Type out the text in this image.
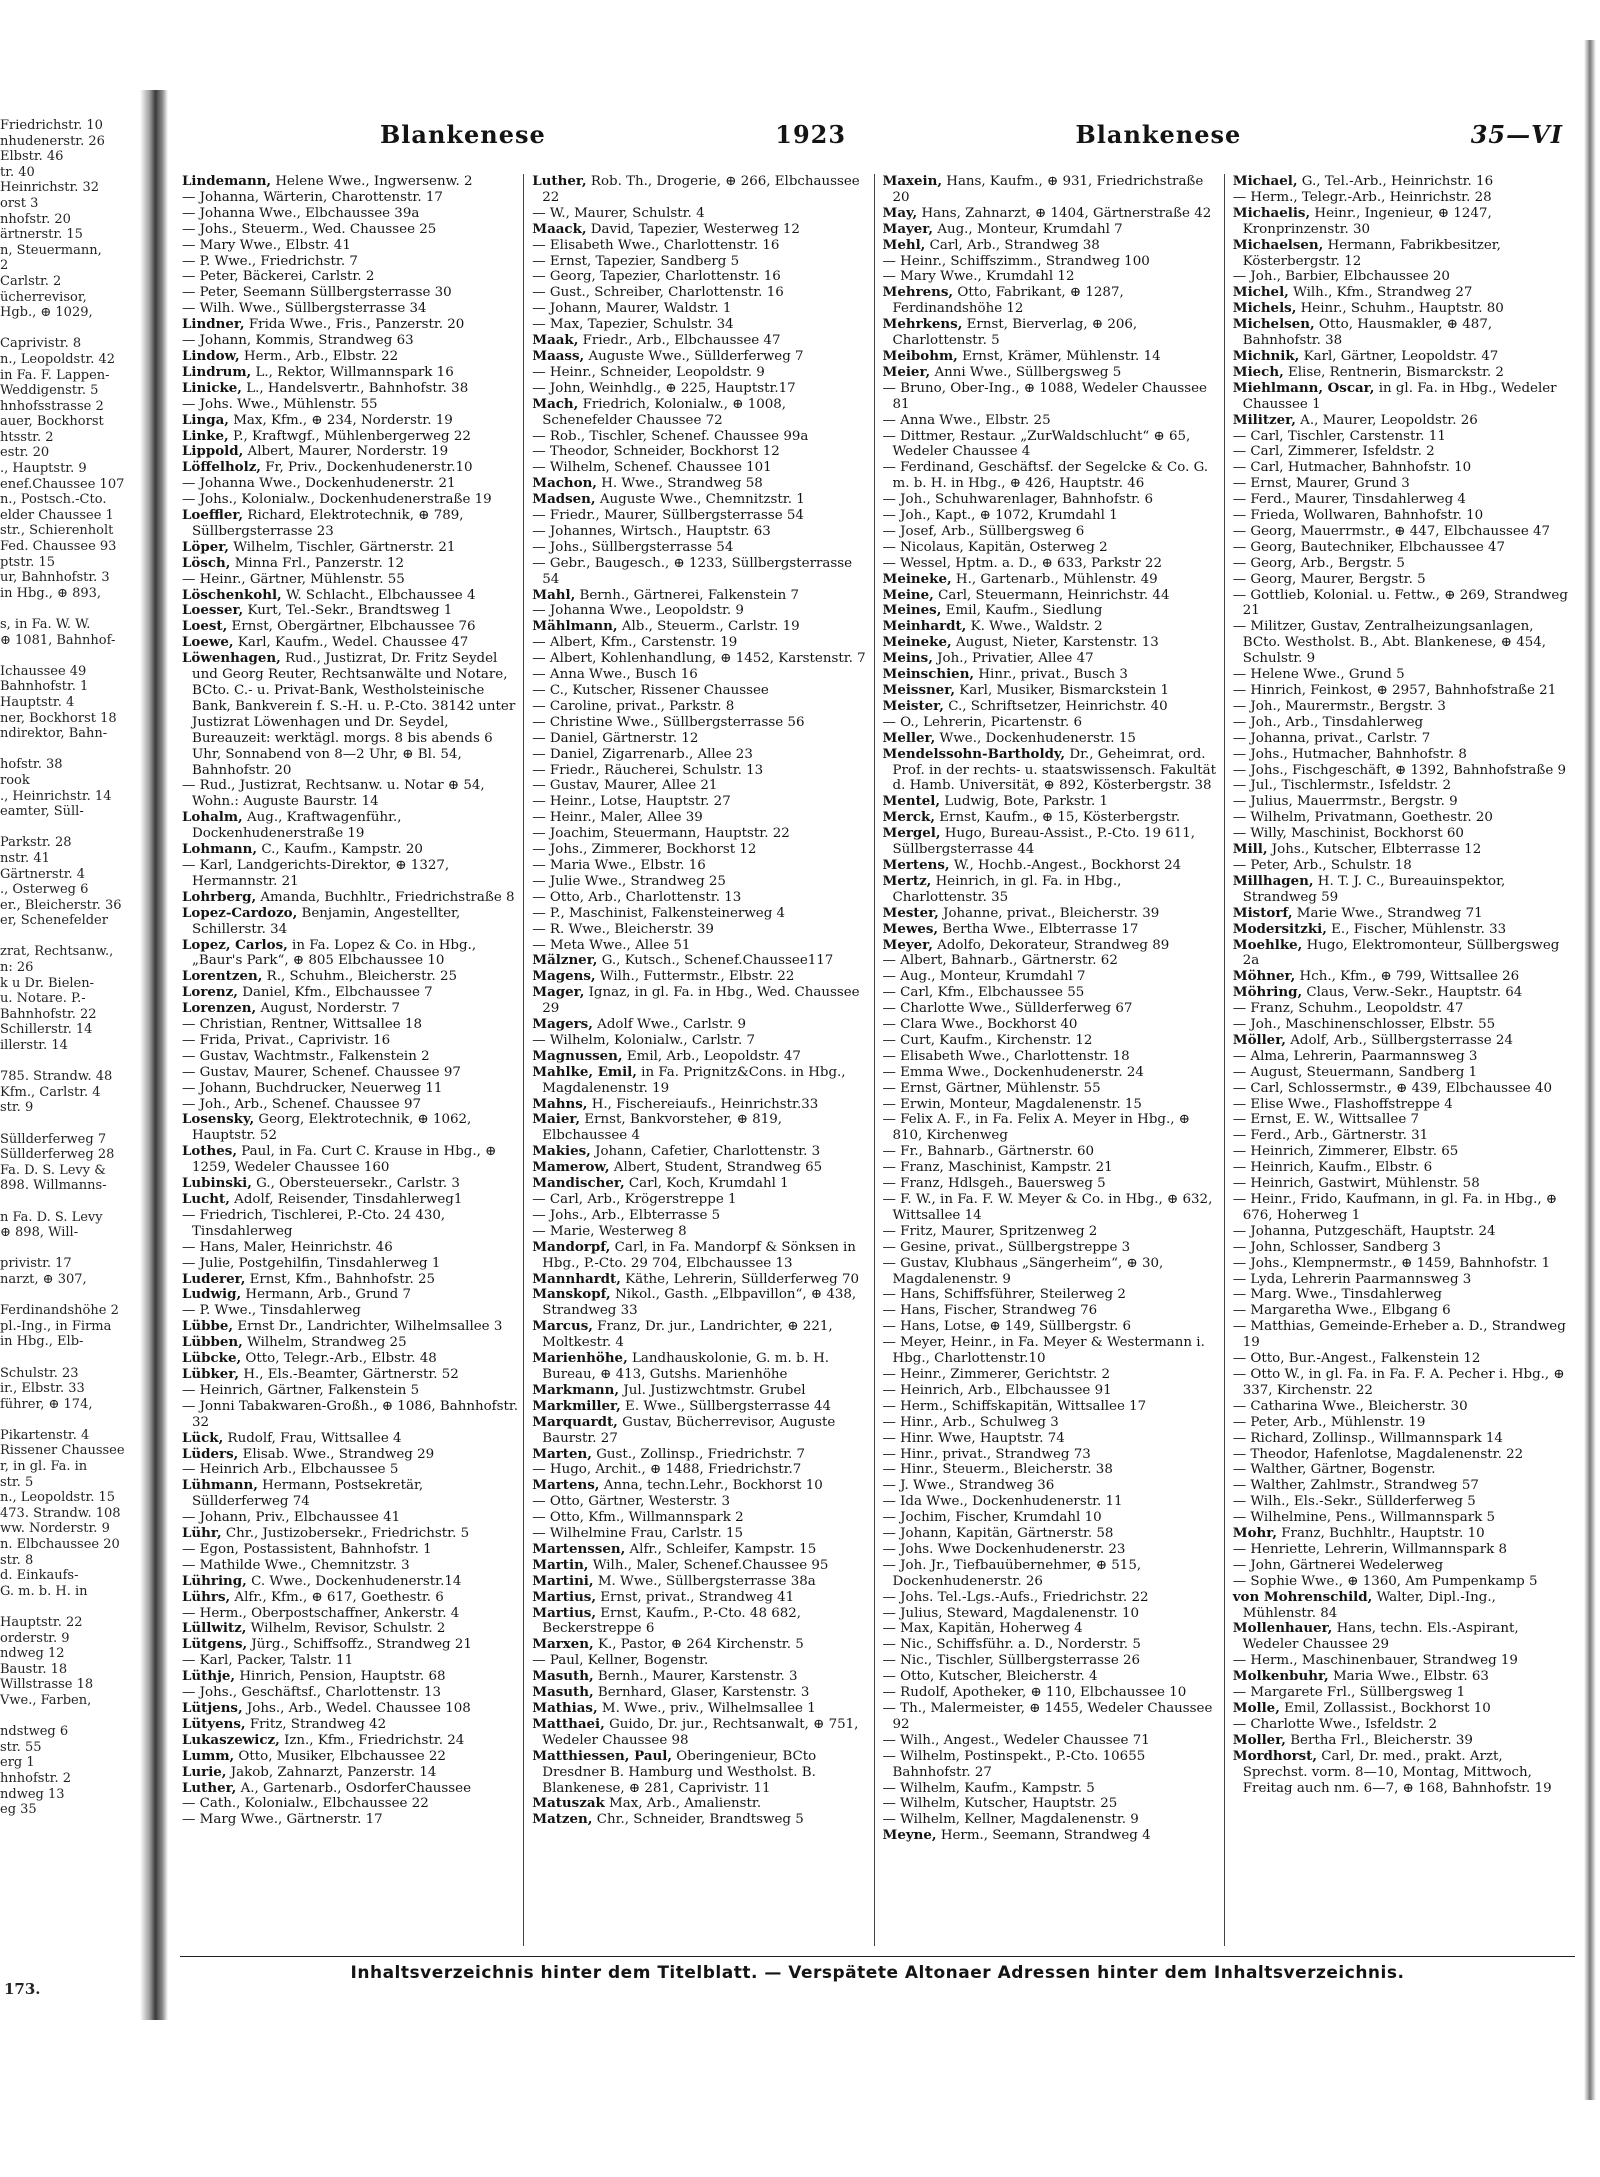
Friedrichstr. 10
nhudenerstr. 26
Elbstr. 46
tr. 40
Heinrichstr. 32
orst 3
nhofstr. 20
ärtnerstr. 15
n, Steuermann,
2
Carlstr. 2
ücherrevisor,
Hgb., ⊕ 1029,

Caprivistr. 8
n., Leopoldstr. 42
in Fa. F. Lappen-
Weddigenstr. 5
hnhofsstrasse 2
auer, Bockhorst
htsstr. 2
estr. 20
., Hauptstr. 9
enef.Chaussee 107
n., Postsch.-Cto.
elder Chaussee 1
str., Schierenholt
Fed. Chaussee 93
ptstr. 15
ur, Bahnhofstr. 3
in Hbg., ⊕ 893,

s, in Fa. W. W.
⊕ 1081, Bahnhof-

Ichaussee 49
Bahnhofstr. 1
Hauptstr. 4
ner, Bockhorst 18
ndirektor, Bahn-

hofstr. 38
rook
., Heinrichstr. 14
eamter, Süll-

Parkstr. 28
nstr. 41
Gärtnerstr. 4
., Osterweg 6
er., Bleicherstr. 36
er, Schenefelder

zrat, Rechtsanw.,
n: 26
k u Dr. Bielen-
u. Notare. P.-
Bahnhofstr. 22
Schillerstr. 14
illerstr. 14

785. Strandw. 48
Kfm., Carlstr. 4
str. 9

Süllderferweg 7
Süllderferweg 28
Fa. D. S. Levy &
898. Willmanns-

n Fa. D. S. Levy
⊕ 898, Will-

privistr. 17
narzt, ⊕ 307,

Ferdinandshöhe 2
pl.-Ing., in Firma
in Hbg., Elb-

Schulstr. 23
ir., Elbstr. 33
führer, ⊕ 174,

Pikartenstr. 4
Rissener Chaussee
r, in gl. Fa. in
str. 5
n., Leopoldstr. 15
473. Strandw. 108
ww. Norderstr. 9
n. Elbchaussee 20
str. 8
d. Einkaufs-
G. m. b. H. in

Hauptstr. 22
orderstr. 9
ndweg 12
Baustr. 18
Willstrasse 18
Vwe., Farben,

ndstweg 6
str. 55
erg 1
hnhofstr. 2
ndweg 13
eg 35
173.
Blankenese	1923	Blankenese	35—VI
Lindemann, Helene Wwe., Ingwersenw. 2
— Johanna, Wärterin, Charottenstr. 17
— Johanna Wwe., Elbchaussee 39a
— Johs., Steuerm., Wed. Chaussee 25
— Mary Wwe., Elbstr. 41
— P. Wwe., Friedrichstr. 7
— Peter, Bäckerei, Carlstr. 2
— Peter, Seemann Süllbergsterrasse 30
— Wilh. Wwe., Süllbergsterrasse 34
Lindner, Frida Wwe., Fris., Panzerstr. 20
— Johann, Kommis, Strandweg 63
Lindow, Herm., Arb., Elbstr. 22
Lindrum, L., Rektor, Willmannspark 16
Linicke, L., Handelsvertr., Bahnhofstr. 38
— Johs. Wwe., Mühlenstr. 55
Linga, Max, Kfm., ⊕ 234, Norderstr. 19
Linke, P., Kraftwgf., Mühlenbergerweg 22
Lippold, Albert, Maurer, Norderstr. 19
Löffelholz, Fr, Priv., Dockenhudenerstr.10
— Johanna Wwe., Dockenhudenerstr. 21
— Johs., Kolonialw., Dockenhudenerstraße 19
Loeffler, Richard, Elektrotechnik, ⊕ 789, Süllbergsterrasse 23
Löper, Wilhelm, Tischler, Gärtnerstr. 21
Lösch, Minna Frl., Panzerstr. 12
— Heinr., Gärtner, Mühlenstr. 55
Löschenkohl, W. Schlacht., Elbchaussee 4
Loesser, Kurt, Tel.-Sekr., Brandtsweg 1
Loest, Ernst, Obergärtner, Elbchaussee 76
Loewe, Karl, Kaufm., Wedel. Chaussee 47
Löwenhagen, Rud., Justizrat, Dr. Fritz Seydel und Georg Reuter, Rechtsanwälte und Notare, BCto. C.- u. Privat-Bank, Westholsteinische Bank, Bankverein f. S.-H. u. P.-Cto. 38142 unter Justizrat Löwenhagen und Dr. Seydel, Bureauzeit: werktägl. morgs. 8 bis abends 6 Uhr, Sonnabend von 8—2 Uhr, ⊕ Bl. 54, Bahnhofstr. 20
— Rud., Justizrat, Rechtsanw. u. Notar ⊕ 54, Wohn.: Auguste Baurstr. 14
Lohalm, Aug., Kraftwagenführ., Dockenhudenerstraße 19
Lohmann, C., Kaufm., Kampstr. 20
— Karl, Landgerichts-Direktor, ⊕ 1327, Hermannstr. 21
Lohrberg, Amanda, Buchhltr., Friedrichstraße 8
Lopez-Cardozo, Benjamin, Angestellter, Schillerstr. 34
Lopez, Carlos, in Fa. Lopez & Co. in Hbg., „Baur's Park“, ⊕ 805 Elbchaussee 10
Lorentzen, R., Schuhm., Bleicherstr. 25
Lorenz, Daniel, Kfm., Elbchaussee 7
Lorenzen, August, Norderstr. 7
— Christian, Rentner, Wittsallee 18
— Frida, Privat., Caprivistr. 16
— Gustav, Wachtmstr., Falkenstein 2
— Gustav, Maurer, Schenef. Chaussee 97
— Johann, Buchdrucker, Neuerweg 11
— Joh., Arb., Schenef. Chaussee 97
Losensky, Georg, Elektrotechnik, ⊕ 1062, Hauptstr. 52
Lothes, Paul, in Fa. Curt C. Krause in Hbg., ⊕ 1259, Wedeler Chaussee 160
Lubinski, G., Obersteuersekr., Carlstr. 3
Lucht, Adolf, Reisender, Tinsdahlerweg1
— Friedrich, Tischlerei, P.-Cto. 24 430, Tinsdahlerweg
— Hans, Maler, Heinrichstr. 46
— Julie, Postgehilfin, Tinsdahlerweg 1
Luderer, Ernst, Kfm., Bahnhofstr. 25
Ludwig, Hermann, Arb., Grund 7
— P. Wwe., Tinsdahlerweg
Lübbe, Ernst Dr., Landrichter, Wilhelmsallee 3
Lübben, Wilhelm, Strandweg 25
Lübcke, Otto, Telegr.-Arb., Elbstr. 48
Lübker, H., Els.-Beamter, Gärtnerstr. 52
— Heinrich, Gärtner, Falkenstein 5
— Jonni Tabakwaren-Großh., ⊕ 1086, Bahnhofstr. 32
Lück, Rudolf, Frau, Wittsallee 4
Lüders, Elisab. Wwe., Strandweg 29
— Heinrich Arb., Elbchaussee 5
Lühmann, Hermann, Postsekretär, Süllderferweg 74
— Johann, Priv., Elbchaussee 41
Lühr, Chr., Justizobersekr., Friedrichstr. 5
— Egon, Postassistent, Bahnhofstr. 1
— Mathilde Wwe., Chemnitzstr. 3
Lühring, C. Wwe., Dockenhudenerstr.14
Lührs, Alfr., Kfm., ⊕ 617, Goethestr. 6
— Herm., Oberpostschaffner, Ankerstr. 4
Lüllwitz, Wilhelm, Revisor, Schulstr. 2
Lütgens, Jürg., Schiffsoffz., Strandweg 21
— Karl, Packer, Talstr. 11
Lüthje, Hinrich, Pension, Hauptstr. 68
— Johs., Geschäftsf., Charlottenstr. 13
Lütjens, Johs., Arb., Wedel. Chaussee 108
Lütyens, Fritz, Strandweg 42
Lukaszewicz, Izn., Kfm., Friedrichstr. 24
Lumm, Otto, Musiker, Elbchaussee 22
Lurie, Jakob, Zahnarzt, Panzerstr. 14
Luther, A., Gartenarb., OsdorferChaussee
— Cath., Kolonialw., Elbchaussee 22
— Marg Wwe., Gärtnerstr. 17
Luther, Rob. Th., Drogerie, ⊕ 266, Elbchaussee 22
— W., Maurer, Schulstr. 4
Maack, David, Tapezier, Westerweg 12
— Elisabeth Wwe., Charlottenstr. 16
— Ernst, Tapezier, Sandberg 5
— Georg, Tapezier, Charlottenstr. 16
— Gust., Schreiber, Charlottenstr. 16
— Johann, Maurer, Waldstr. 1
— Max, Tapezier, Schulstr. 34
Maak, Friedr., Arb., Elbchaussee 47
Maass, Auguste Wwe., Süllderferweg 7
— Heinr., Schneider, Leopoldstr. 9
— John, Weinhdlg., ⊕ 225, Hauptstr.17
Mach, Friedrich, Kolonialw., ⊕ 1008, Schenefelder Chaussee 72
— Rob., Tischler, Schenef. Chaussee 99a
— Theodor, Schneider, Bockhorst 12
— Wilhelm, Schenef. Chaussee 101
Machon, H. Wwe., Strandweg 58
Madsen, Auguste Wwe., Chemnitzstr. 1
— Friedr., Maurer, Süllbergsterrasse 54
— Johannes, Wirtsch., Hauptstr. 63
— Johs., Süllbergsterrasse 54
— Gebr., Baugesch., ⊕ 1233, Süllbergsterrasse 54
Mahl, Bernh., Gärtnerei, Falkenstein 7
— Johanna Wwe., Leopoldstr. 9
Mählmann, Alb., Steuerm., Carlstr. 19
— Albert, Kfm., Carstenstr. 19
— Albert, Kohlenhandlung, ⊕ 1452, Karstenstr. 7
— Anna Wwe., Busch 16
— C., Kutscher, Rissener Chaussee
— Caroline, privat., Parkstr. 8
— Christine Wwe., Süllbergsterrasse 56
— Daniel, Gärtnerstr. 12
— Daniel, Zigarrenarb., Allee 23
— Friedr., Räucherei, Schulstr. 13
— Gustav, Maurer, Allee 21
— Heinr., Lotse, Hauptstr. 27
— Heinr., Maler, Allee 39
— Joachim, Steuermann, Hauptstr. 22
— Johs., Zimmerer, Bockhorst 12
— Maria Wwe., Elbstr. 16
— Julie Wwe., Strandweg 25
— Otto, Arb., Charlottenstr. 13
— P., Maschinist, Falkensteinerweg 4
— R. Wwe., Bleicherstr. 39
— Meta Wwe., Allee 51
Mälzner, G., Kutsch., Schenef.Chaussee117
Magens, Wilh., Futtermstr., Elbstr. 22
Mager, Ignaz, in gl. Fa. in Hbg., Wed. Chaussee 29
Magers, Adolf Wwe., Carlstr. 9
— Wilhelm, Kolonialw., Carlstr. 7
Magnussen, Emil, Arb., Leopoldstr. 47
Mahlke, Emil, in Fa. Prignitz&Cons. in Hbg., Magdalenenstr. 19
Mahns, H., Fischereiaufs., Heinrichstr.33
Maier, Ernst, Bankvorsteher, ⊕ 819, Elbchaussee 4
Makies, Johann, Cafetier, Charlottenstr. 3
Mamerow, Albert, Student, Strandweg 65
Mandischer, Carl, Koch, Krumdahl 1
— Carl, Arb., Krögerstreppe 1
— Johs., Arb., Elbterrasse 5
— Marie, Westerweg 8
Mandorpf, Carl, in Fa. Mandorpf & Sönksen in Hbg., P.-Cto. 29 704, Elbchaussee 13
Mannhardt, Käthe, Lehrerin, Süllderferweg 70
Manskopf, Nikol., Gasth. „Elbpavillon“, ⊕ 438, Strandweg 33
Marcus, Franz, Dr. jur., Landrichter, ⊕ 221, Moltkestr. 4
Marienhöhe, Landhauskolonie, G. m. b. H. Bureau, ⊕ 413, Gutshs. Marienhöhe
Markmann, Jul. Justizwchtmstr. Grubel
Markmiller, E. Wwe., Süllbergsterrasse 44
Marquardt, Gustav, Bücherrevisor, Auguste Baurstr. 27
Marten, Gust., Zollinsp., Friedrichstr. 7
— Hugo, Archit., ⊕ 1488, Friedrichstr.7
Martens, Anna, techn.Lehr., Bockhorst 10
— Otto, Gärtner, Westerstr. 3
— Otto, Kfm., Willmannspark 2
— Wilhelmine Frau, Carlstr. 15
Martenssen, Alfr., Schleifer, Kampstr. 15
Martin, Wilh., Maler, Schenef.Chaussee 95
Martini, M. Wwe., Süllbergsterrasse 38a
Martius, Ernst, privat., Strandweg 41
Martius, Ernst, Kaufm., P.-Cto. 48 682, Beckerstreppe 6
Marxen, K., Pastor, ⊕ 264 Kirchenstr. 5
— Paul, Kellner, Bogenstr.
Masuth, Bernh., Maurer, Karstenstr. 3
Masuth, Bernhard, Glaser, Karstenstr. 3
Mathias, M. Wwe., priv., Wilhelmsallee 1
Matthaei, Guido, Dr. jur., Rechtsanwalt, ⊕ 751, Wedeler Chaussee 98
Matthiessen, Paul, Oberingenieur, BCto Dresdner B. Hamburg und Westholst. B. Blankenese, ⊕ 281, Caprivistr. 11
Matuszak Max, Arb., Amalienstr.
Matzen, Chr., Schneider, Brandtsweg 5
Maxein, Hans, Kaufm., ⊕ 931, Friedrichstraße 20
May, Hans, Zahnarzt, ⊕ 1404, Gärtnerstraße 42
Mayer, Aug., Monteur, Krumdahl 7
Mehl, Carl, Arb., Strandweg 38
— Heinr., Schiffszimm., Strandweg 100
— Mary Wwe., Krumdahl 12
Mehrens, Otto, Fabrikant, ⊕ 1287, Ferdinandshöhe 12
Mehrkens, Ernst, Bierverlag, ⊕ 206, Charlottenstr. 5
Meibohm, Ernst, Krämer, Mühlenstr. 14
Meier, Anni Wwe., Süllbergsweg 5
— Bruno, Ober-Ing., ⊕ 1088, Wedeler Chaussee 81
— Anna Wwe., Elbstr. 25
— Dittmer, Restaur. „ZurWaldschlucht“ ⊕ 65, Wedeler Chaussee 4
— Ferdinand, Geschäftsf. der Segelcke & Co. G. m. b. H. in Hbg., ⊕ 426, Hauptstr. 46
— Joh., Schuhwarenlager, Bahnhofstr. 6
— Joh., Kapt., ⊕ 1072, Krumdahl 1
— Josef, Arb., Süllbergsweg 6
— Nicolaus, Kapitän, Osterweg 2
— Wessel, Hptm. a. D., ⊕ 633, Parkstr 22
Meineke, H., Gartenarb., Mühlenstr. 49
Meine, Carl, Steuermann, Heinrichstr. 44
Meines, Emil, Kaufm., Siedlung
Meinhardt, K. Wwe., Waldstr. 2
Meineke, August, Nieter, Karstenstr. 13
Meins, Joh., Privatier, Allee 47
Meinschien, Hinr., privat., Busch 3
Meissner, Karl, Musiker, Bismarckstein 1
Meister, C., Schriftsetzer, Heinrichstr. 40
— O., Lehrerin, Picartenstr. 6
Meller, Wwe., Dockenhudenerstr. 15
Mendelssohn-Bartholdy, Dr., Geheimrat, ord. Prof. in der rechts- u. staatswissensch. Fakultät d. Hamb. Universität, ⊕ 892, Kösterbergstr. 38
Mentel, Ludwig, Bote, Parkstr. 1
Merck, Ernst, Kaufm., ⊕ 15, Kösterbergstr.
Mergel, Hugo, Bureau-Assist., P.-Cto. 19 611, Süllbergsterrasse 44
Mertens, W., Hochb.-Angest., Bockhorst 24
Mertz, Heinrich, in gl. Fa. in Hbg., Charlottenstr. 35
Mester, Johanne, privat., Bleicherstr. 39
Mewes, Bertha Wwe., Elbterrasse 17
Meyer, Adolfo, Dekorateur, Strandweg 89
— Albert, Bahnarb., Gärtnerstr. 62
— Aug., Monteur, Krumdahl 7
— Carl, Kfm., Elbchaussee 55
— Charlotte Wwe., Süllderferweg 67
— Clara Wwe., Bockhorst 40
— Curt, Kaufm., Kirchenstr. 12
— Elisabeth Wwe., Charlottenstr. 18
— Emma Wwe., Dockenhudenerstr. 24
— Ernst, Gärtner, Mühlenstr. 55
— Erwin, Monteur, Magdalenenstr. 15
— Felix A. F., in Fa. Felix A. Meyer in Hbg., ⊕ 810, Kirchenweg
— Fr., Bahnarb., Gärtnerstr. 60
— Franz, Maschinist, Kampstr. 21
— Franz, Hdlsgeh., Bauersweg 5
— F. W., in Fa. F. W. Meyer & Co. in Hbg., ⊕ 632, Wittsallee 14
— Fritz, Maurer, Spritzenweg 2
— Gesine, privat., Süllbergstreppe 3
— Gustav, Klubhaus „Sängerheim“, ⊕ 30, Magdalenenstr. 9
— Hans, Schiffsführer, Steilerweg 2
— Hans, Fischer, Strandweg 76
— Hans, Lotse, ⊕ 149, Süllbergstr. 6
— Meyer, Heinr., in Fa. Meyer & Westermann i. Hbg., Charlottenstr.10
— Heinr., Zimmerer, Gerichtstr. 2
— Heinrich, Arb., Elbchaussee 91
— Herm., Schiffskapitän, Wittsallee 17
— Hinr., Arb., Schulweg 3
— Hinr. Wwe, Hauptstr. 74
— Hinr., privat., Strandweg 73
— Hinr., Steuerm., Bleicherstr. 38
— J. Wwe., Strandweg 36
— Ida Wwe., Dockenhudenerstr. 11
— Jochim, Fischer, Krumdahl 10
— Johann, Kapitän, Gärtnerstr. 58
— Johs. Wwe Dockenhudenerstr. 23
— Joh. Jr., Tiefbauübernehmer, ⊕ 515, Dockenhudenerstr. 26
— Johs. Tel.-Lgs.-Aufs., Friedrichstr. 22
— Julius, Steward, Magdalenenstr. 10
— Max, Kapitän, Hoherweg 4
— Nic., Schiffsführ. a. D., Norderstr. 5
— Nic., Tischler, Süllbergsterrasse 26
— Otto, Kutscher, Bleicherstr. 4
— Rudolf, Apotheker, ⊕ 110, Elbchaussee 10
— Th., Malermeister, ⊕ 1455, Wedeler Chaussee 92
— Wilh., Angest., Wedeler Chaussee 71
— Wilhelm, Postinspekt., P.-Cto. 10655 Bahnhofstr. 27
— Wilhelm, Kaufm., Kampstr. 5
— Wilhelm, Kutscher, Hauptstr. 25
— Wilhelm, Kellner, Magdalenenstr. 9
Meyne, Herm., Seemann, Strandweg 4
Michael, G., Tel.-Arb., Heinrichstr. 16
— Herm., Telegr.-Arb., Heinrichstr. 28
Michaelis, Heinr., Ingenieur, ⊕ 1247, Kronprinzenstr. 30
Michaelsen, Hermann, Fabrikbesitzer, Kösterbergstr. 12
— Joh., Barbier, Elbchaussee 20
Michel, Wilh., Kfm., Strandweg 27
Michels, Heinr., Schuhm., Hauptstr. 80
Michelsen, Otto, Hausmakler, ⊕ 487, Bahnhofstr. 38
Michnik, Karl, Gärtner, Leopoldstr. 47
Miech, Elise, Rentnerin, Bismarckstr. 2
Miehlmann, Oscar, in gl. Fa. in Hbg., Wedeler Chaussee 1
Militzer, A., Maurer, Leopoldstr. 26
— Carl, Tischler, Carstenstr. 11
— Carl, Zimmerer, Isfeldstr. 2
— Carl, Hutmacher, Bahnhofstr. 10
— Ernst, Maurer, Grund 3
— Ferd., Maurer, Tinsdahlerweg 4
— Frieda, Wollwaren, Bahnhofstr. 10
— Georg, Mauerrmstr., ⊕ 447, Elbchaussee 47
— Georg, Bautechniker, Elbchaussee 47
— Georg, Arb., Bergstr. 5
— Georg, Maurer, Bergstr. 5
— Gottlieb, Kolonial. u. Fettw., ⊕ 269, Strandweg 21
— Militzer, Gustav, Zentralheizungsanlagen, BCto. Westholst. B., Abt. Blankenese, ⊕ 454, Schulstr. 9
— Helene Wwe., Grund 5
— Hinrich, Feinkost, ⊕ 2957, Bahnhofstraße 21
— Joh., Maurermstr., Bergstr. 3
— Joh., Arb., Tinsdahlerweg
— Johanna, privat., Carlstr. 7
— Johs., Hutmacher, Bahnhofstr. 8
— Johs., Fischgeschäft, ⊕ 1392, Bahnhofstraße 9
— Jul., Tischlermstr., Isfeldstr. 2
— Julius, Mauerrmstr., Bergstr. 9
— Wilhelm, Privatmann, Goethestr. 20
— Willy, Maschinist, Bockhorst 60
Mill, Johs., Kutscher, Elbterrasse 12
— Peter, Arb., Schulstr. 18
Millhagen, H. T. J. C., Bureauinspektor, Strandweg 59
Mistorf, Marie Wwe., Strandweg 71
Modersitzki, E., Fischer, Mühlenstr. 33
Moehlke, Hugo, Elektromonteur, Süllbergsweg 2a
Möhner, Hch., Kfm., ⊕ 799, Wittsallee 26
Möhring, Claus, Verw.-Sekr., Hauptstr. 64
— Franz, Schuhm., Leopoldstr. 47
— Joh., Maschinenschlosser, Elbstr. 55
Möller, Adolf, Arb., Süllbergsterrasse 24
— Alma, Lehrerin, Paarmannsweg 3
— August, Steuermann, Sandberg 1
— Carl, Schlossermstr., ⊕ 439, Elbchaussee 40
— Elise Wwe., Flashoffstreppe 4
— Ernst, E. W., Wittsallee 7
— Ferd., Arb., Gärtnerstr. 31
— Heinrich, Zimmerer, Elbstr. 65
— Heinrich, Kaufm., Elbstr. 6
— Heinrich, Gastwirt, Mühlenstr. 58
— Heinr., Frido, Kaufmann, in gl. Fa. in Hbg., ⊕ 676, Hoherweg 1
— Johanna, Putzgeschäft, Hauptstr. 24
— John, Schlosser, Sandberg 3
— Johs., Klempnermstr., ⊕ 1459, Bahnhofstr. 1
— Lyda, Lehrerin Paarmannsweg 3
— Marg. Wwe., Tinsdahlerweg
— Margaretha Wwe., Elbgang 6
— Matthias, Gemeinde-Erheber a. D., Strandweg 19
— Otto, Bur.-Angest., Falkenstein 12
— Otto W., in gl. Fa. in Fa. F. A. Pecher i. Hbg., ⊕ 337, Kirchenstr. 22
— Catharina Wwe., Bleicherstr. 30
— Peter, Arb., Mühlenstr. 19
— Richard, Zollinsp., Willmannspark 14
— Theodor, Hafenlotse, Magdalenenstr. 22
— Walther, Gärtner, Bogenstr.
— Walther, Zahlmstr., Strandweg 57
— Wilh., Els.-Sekr., Süllderferweg 5
— Wilhelmine, Pens., Willmannspark 5
Mohr, Franz, Buchhltr., Hauptstr. 10
— Henriette, Lehrerin, Willmannspark 8
— John, Gärtnerei Wedelerweg
— Sophie Wwe., ⊕ 1360, Am Pumpenkamp 5
von Mohrenschild, Walter, Dipl.-Ing., Mühlenstr. 84
Mollenhauer, Hans, techn. Els.-Aspirant, Wedeler Chaussee 29
— Herm., Maschinenbauer, Strandweg 19
Molkenbuhr, Maria Wwe., Elbstr. 63
— Margarete Frl., Süllbergsweg 1
Molle, Emil, Zollassist., Bockhorst 10
— Charlotte Wwe., Isfeldstr. 2
Moller, Bertha Frl., Bleicherstr. 39
Mordhorst, Carl, Dr. med., prakt. Arzt, Sprechst. vorm. 8—10, Montag, Mittwoch, Freitag auch nm. 6—7, ⊕ 168, Bahnhofstr. 19
Inhaltsverzeichnis hinter dem Titelblatt. — Verspätete Altonaer Adressen hinter dem Inhaltsverzeichnis.
